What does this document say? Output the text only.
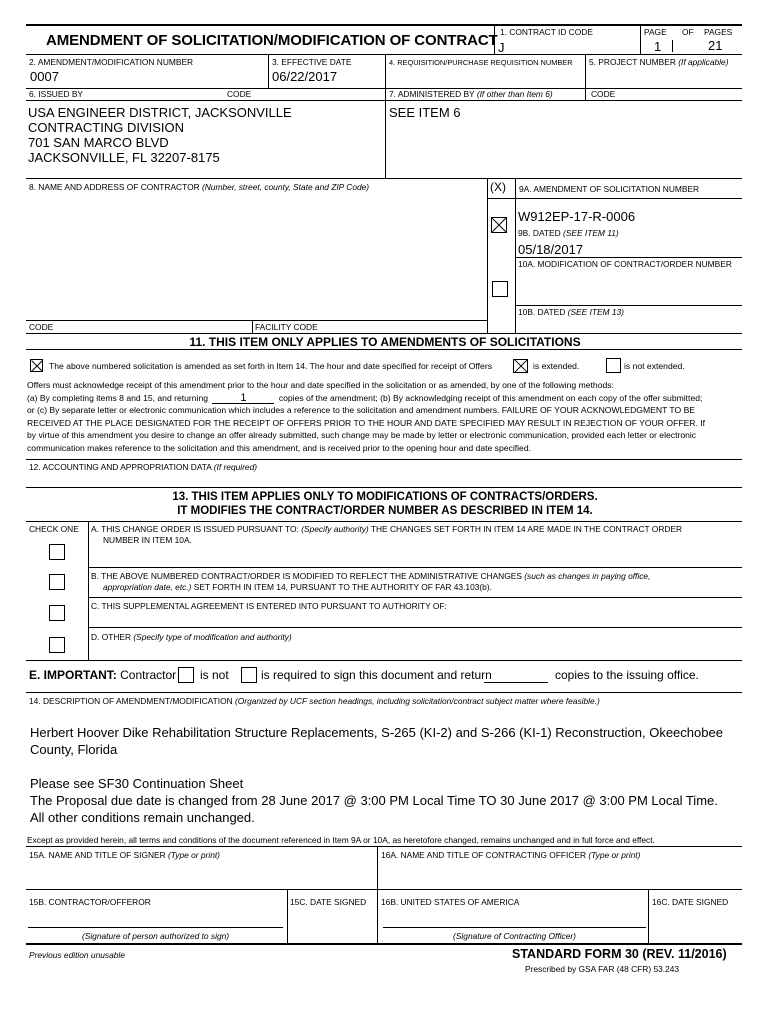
AMENDMENT OF SOLICITATION/MODIFICATION OF CONTRACT 1. CONTRACT ID CODE
J
PAGE OF PAGES
1	21
2. AMENDMENT/MODIFICATION NUMBER
0007
3. EFFECTIVE DATE
06/22/2017
4. REQUISITION/PURCHASE REQUISITION NUMBER 5. PROJECT NUMBER (If applicable)
6. ISSUED BY	CODE	7. ADMINISTERED BY (If other than Item 6)	CODE
USA ENGINEER DISTRICT, JACKSONVILLE
CONTRACTING DIVISION
701 SAN MARCO BLVD
JACKSONVILLE, FL 32207-8175
SEE ITEM 6
8. NAME AND ADDRESS OF CONTRACTOR (Number, street, county, State and ZIP Code)	(X) 9A. AMENDMENT OF SOLICITATION NUMBER
W912EP-17-R-0006
9B. DATED (SEE ITEM 11)
05/18/2017
10A. MODIFICATION OF CONTRACT/ORDER NUMBER
10B. DATED (SEE ITEM 13)
CODE	FACILITY CODE
11. THIS ITEM ONLY APPLIES TO AMENDMENTS OF SOLICITATIONS
The above numbered solicitation is amended as set forth in Item 14. The hour and date specified for receipt of Offers	is extended.	is not extended.
Offers must acknowledge receipt of this amendment prior to the hour and date specified in the solicitation or as amended, by one of the following methods:
(a) By completing items 8 and 15, and returning	1	copies of the amendment; (b) By acknowledging receipt of this amendment on each copy of the offer submitted;
or (c) By separate letter or electronic communication which includes a reference to the solicitation and amendment numbers. FAILURE OF YOUR ACKNOWLEDGMENT TO BE
RECEIVED AT THE PLACE DESIGNATED FOR THE RECEIPT OF OFFERS PRIOR TO THE HOUR AND DATE SPECIFIED MAY RESULT IN REJECTION OF YOUR OFFER. If
by virtue of this amendment you desire to change an offer already submitted, such change may be made by letter or electronic communication, provided each letter or electronic
communication makes reference to the solicitation and this amendment, and is received prior to the opening hour and date specified.
12. ACCOUNTING AND APPROPRIATION DATA (If required)
13. THIS ITEM APPLIES ONLY TO MODIFICATIONS OF CONTRACTS/ORDERS.
IT MODIFIES THE CONTRACT/ORDER NUMBER AS DESCRIBED IN ITEM 14.
CHECK ONE A. THIS CHANGE ORDER IS ISSUED PURSUANT TO: (Specify authority) THE CHANGES SET FORTH IN ITEM 14 ARE MADE IN THE CONTRACT ORDER
NUMBER IN ITEM 10A.
B. THE ABOVE NUMBERED CONTRACT/ORDER IS MODIFIED TO REFLECT THE ADMINISTRATIVE CHANGES (such as changes in paying office,
appropriation date, etc.) SET FORTH IN ITEM 14, PURSUANT TO THE AUTHORITY OF FAR 43.103(b).
C. THIS SUPPLEMENTAL AGREEMENT IS ENTERED INTO PURSUANT TO AUTHORITY OF:
D. OTHER (Specify type of modification and authority)
E. IMPORTANT: Contractor is not	is required to sign this document and return	copies to the issuing office.
14. DESCRIPTION OF AMENDMENT/MODIFICATION (Organized by UCF section headings, including solicitation/contract subject matter where feasible.)
Herbert Hoover Dike Rehabilitation Structure Replacements, S-265 (KI-2) and S-266 (KI-1) Reconstruction, Okeechobee
County, Florida
Please see SF30 Continuation Sheet
The Proposal due date is changed from 28 June 2017 @ 3:00 PM Local Time TO 30 June 2017 @ 3:00 PM Local Time.
All other conditions remain unchanged.
Except as provided herein, all terms and conditions of the document referenced in Item 9A or 10A, as heretofore changed, remains unchanged and in full force and effect.
15A. NAME AND TITLE OF SIGNER (Type or print)	16A. NAME AND TITLE OF CONTRACTING OFFICER (Type or print)
15B. CONTRACTOR/OFFEROR	15C. DATE SIGNED 16B. UNITED STATES OF AMERICA	16C. DATE SIGNED
(Signature of person authorized to sign)	(Signature of Contracting Officer)
Previous edition unusable	STANDARD FORM 30 (REV. 11/2016)
Prescribed by GSA FAR (48 CFR) 53.243
